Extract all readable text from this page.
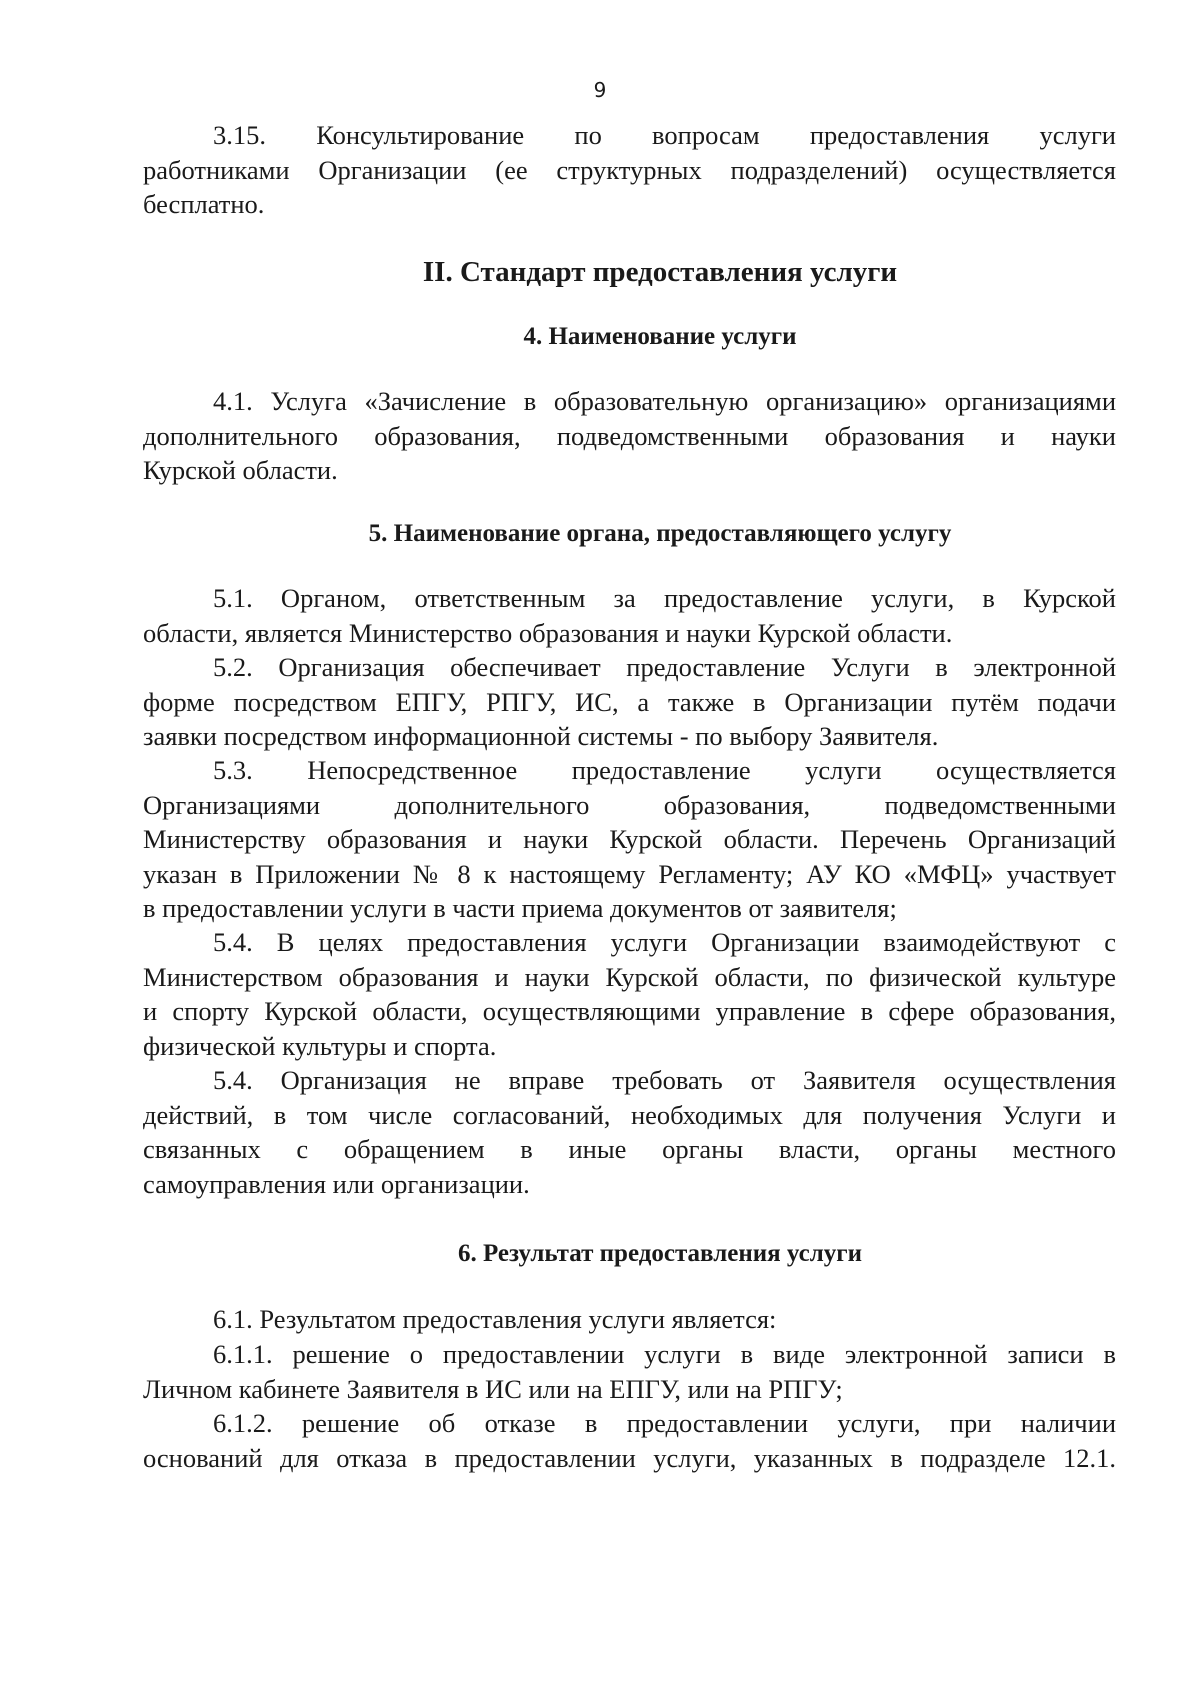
9
3.15. Консультирование по вопросам предоставления услуги
работниками Организации (ее структурных подразделений) осуществляется
бесплатно.
II. Стандарт предоставления услуги
4. Наименование услуги
4.1. Услуга «Зачисление в образовательную организацию» организациями
дополнительного образования, подведомственными образования и науки
Курской области.
5. Наименование органа, предоставляющего услугу
5.1. Органом, ответственным за предоставление услуги, в Курской
области, является Министерство образования и науки Курской области.
5.2. Организация обеспечивает предоставление Услуги в электронной
форме посредством ЕПГУ, РПГУ, ИС, а также в Организации путём подачи
заявки посредством информационной системы - по выбору Заявителя.
5.3. Непосредственное предоставление услуги осуществляется
Организациями дополнительного образования, подведомственными
Министерству образования и науки Курской области. Перечень Организаций
указан в Приложении № 8 к настоящему Регламенту; АУ КО «МФЦ» участвует
в предоставлении услуги в части приема документов от заявителя;
5.4. В целях предоставления услуги Организации взаимодействуют с
Министерством образования и науки Курской области, по физической культуре
и спорту Курской области, осуществляющими управление в сфере образования,
физической культуры и спорта.
5.4. Организация не вправе требовать от Заявителя осуществления
действий, в том числе согласований, необходимых для получения Услуги и
связанных с обращением в иные органы власти, органы местного
самоуправления или организации.
6. Результат предоставления услуги
6.1. Результатом предоставления услуги является:
6.1.1. решение о предоставлении услуги в виде электронной записи в
Личном кабинете Заявителя в ИС или на ЕПГУ, или на РПГУ;
6.1.2. решение об отказе в предоставлении услуги, при наличии
оснований для отказа в предоставлении услуги, указанных в подразделе 12.1.
